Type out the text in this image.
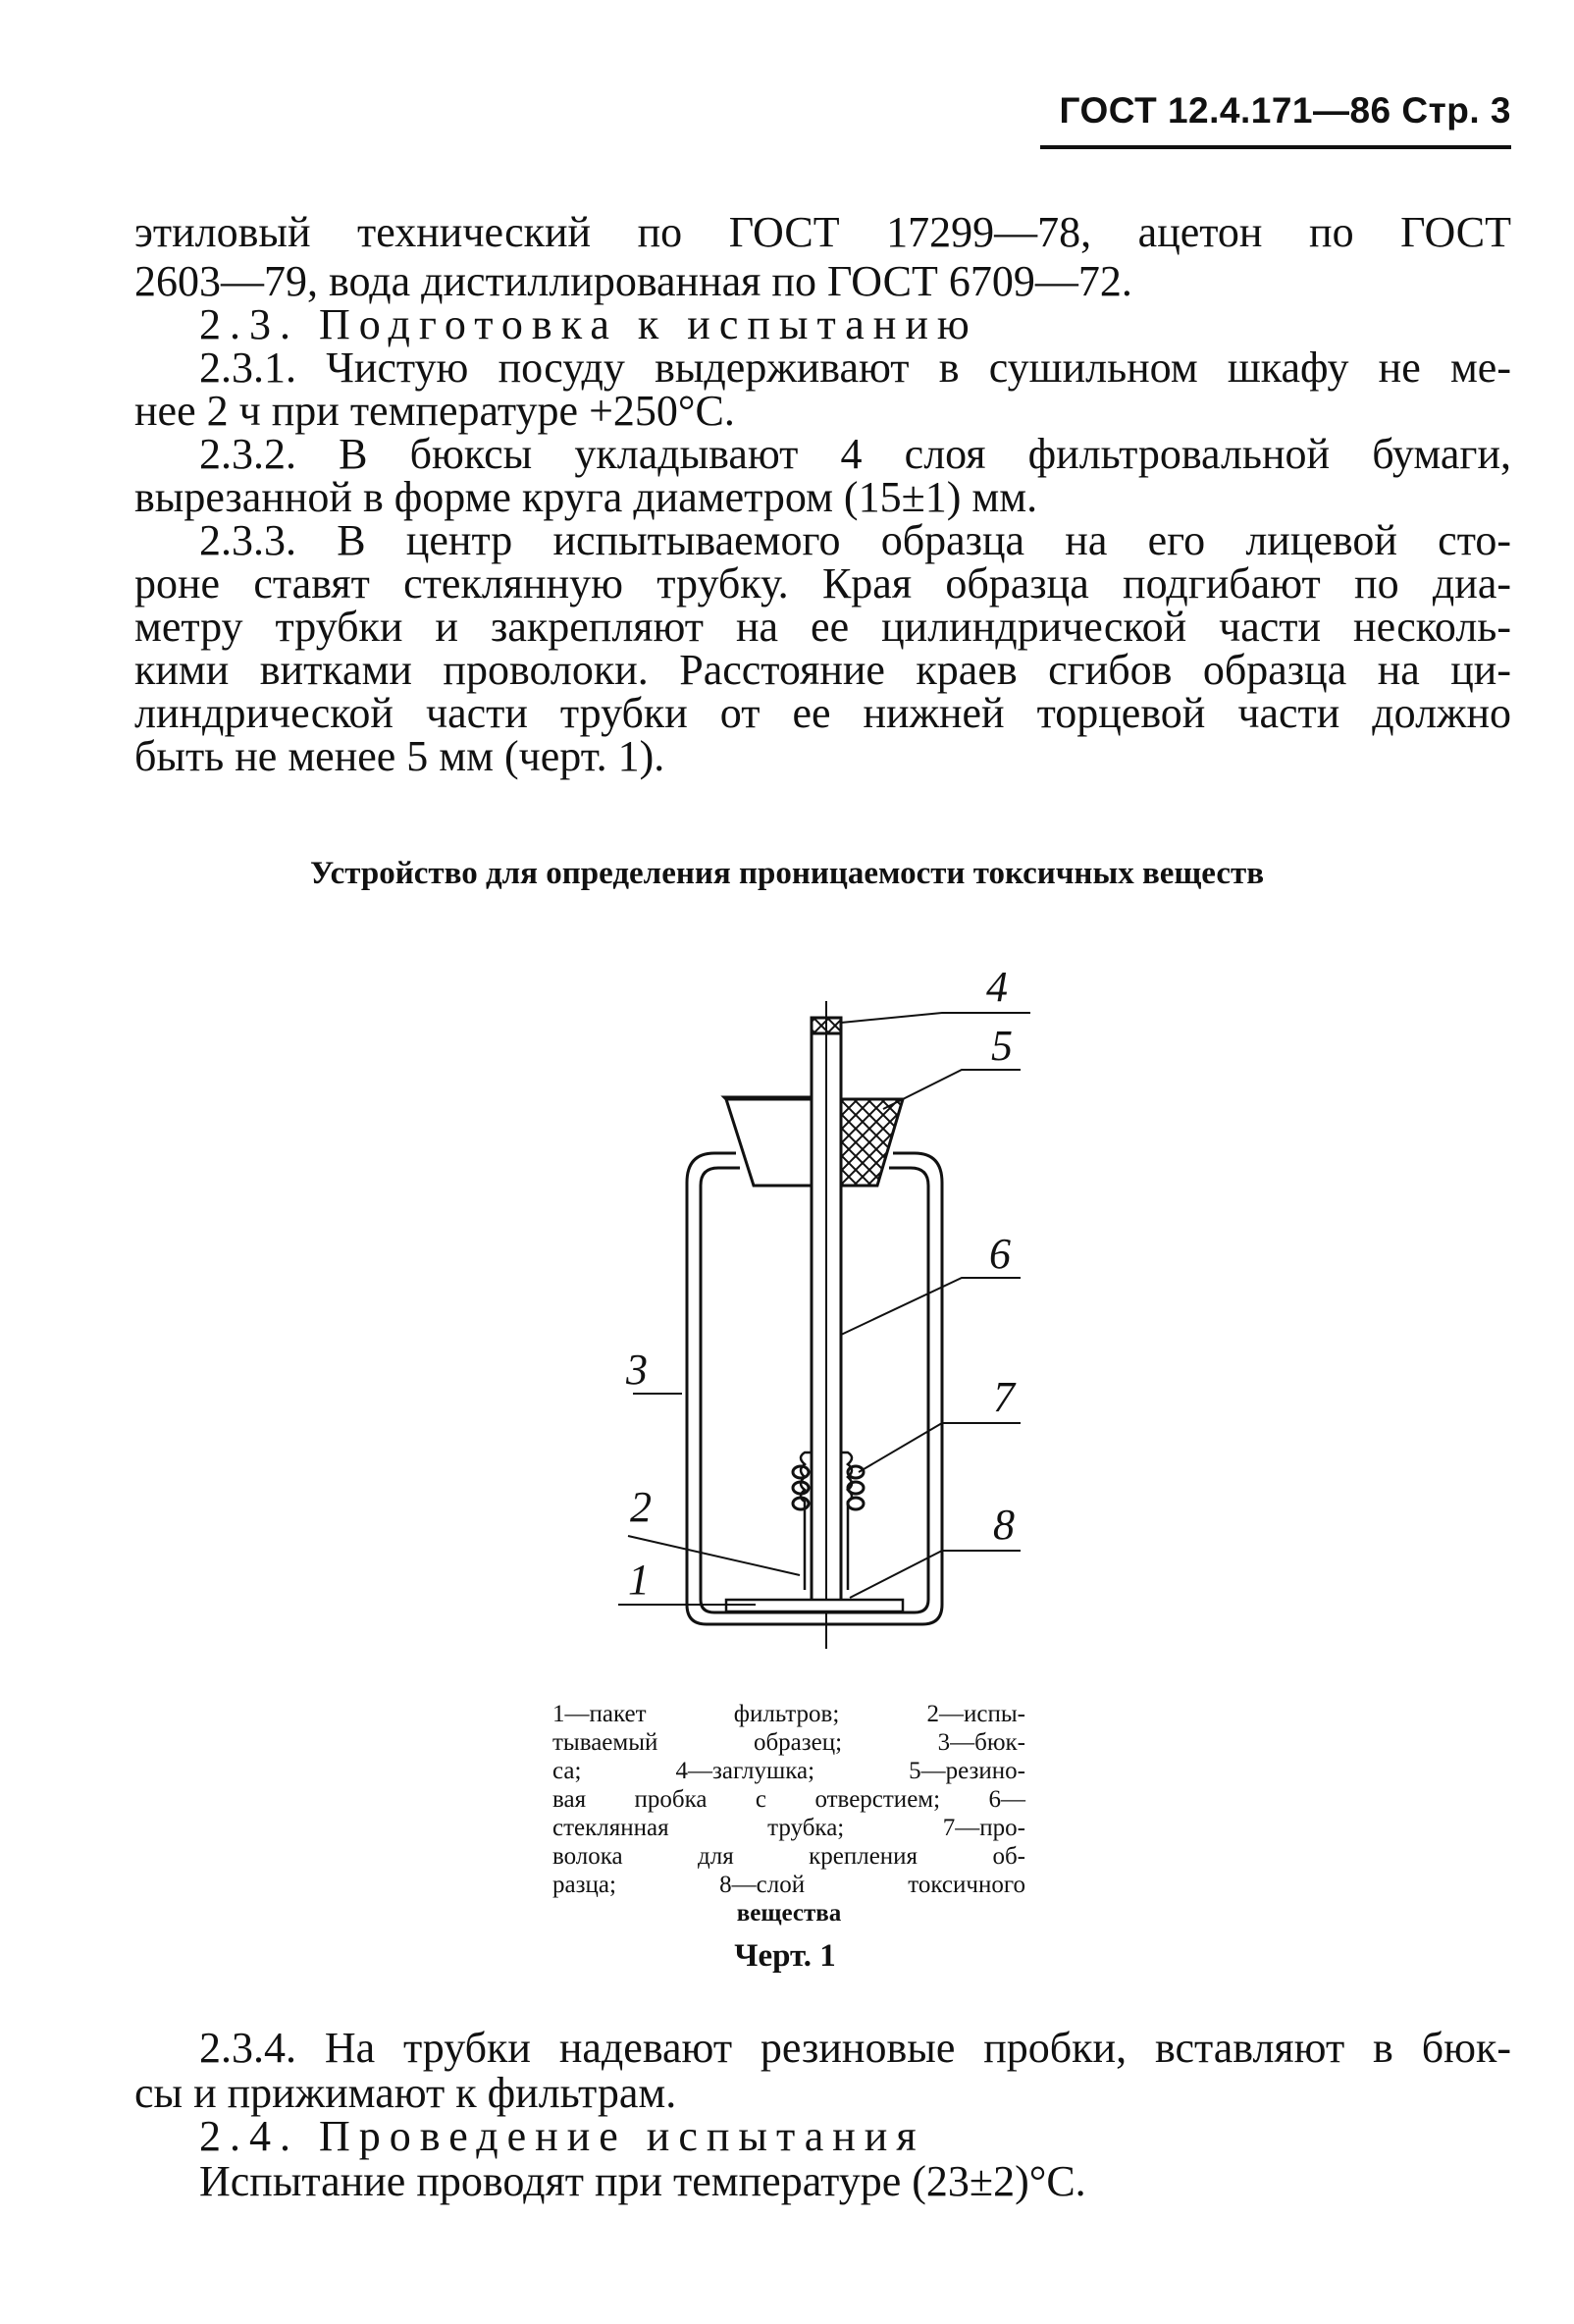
ГОСТ 12.4.171—86 Стр. 3
этиловый технический по ГОСТ 17299—78, ацетон по ГОСТ
2603—79, вода дистиллированная по ГОСТ 6709—72.
2.3. Подготовка к испытанию
2.3.1. Чистую посуду выдерживают в сушильном шкафу не ме-
нее 2 ч при температуре +250°С.
2.3.2. В бюксы укладывают 4 слоя фильтровальной бумаги,
вырезанной в форме круга диаметром (15±1) мм.
2.3.3. В центр испытываемого образца на его лицевой сто-
роне ставят стеклянную трубку. Края образца подгибают по диа-
метру трубки и закрепляют на ее цилиндрической части несколь-
кими витками проволоки. Расстояние краев сгибов образца на ци-
линдрической части трубки от ее нижней торцевой части должно
быть не менее 5 мм (черт. 1).
Устройство для определения проницаемости токсичных веществ
4
5
6
7
8
3
2
1
1—пакет фильтров; 2—испы-
тываемый образец; 3—бюк-
са; 4—заглушка; 5—резино-
вая пробка с отверстием; 6—
стеклянная трубка; 7—про-
волока для крепления об-
разца; 8—слой токсичного
вещества
Черт. 1
2.3.4. На трубки надевают резиновые пробки, вставляют в бюк-
сы и прижимают к фильтрам.
2.4. Проведение испытания
Испытание проводят при температуре (23±2)°С.
